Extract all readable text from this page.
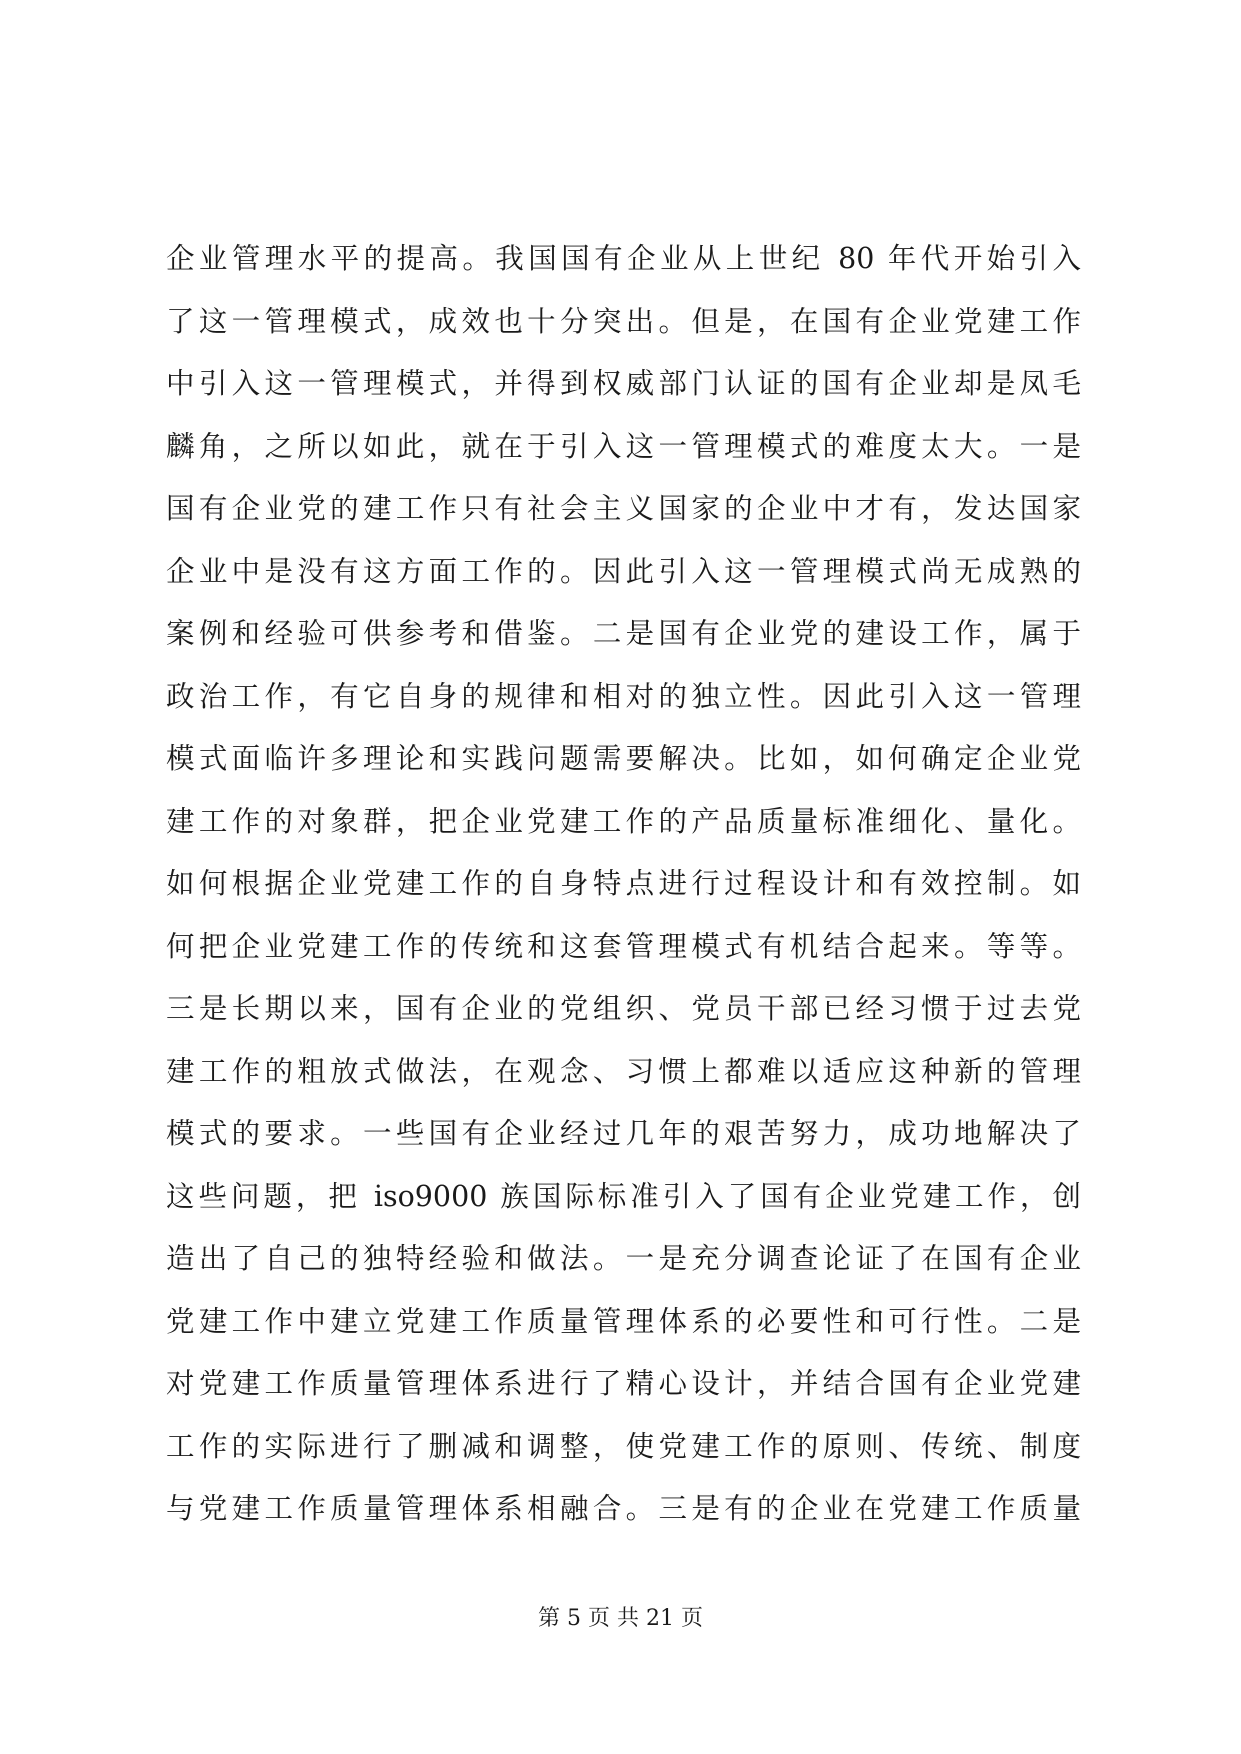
企业管理水平的提高。我国国有企业从上世纪 80 年代开始引入
了这一管理模式，成效也十分突出。但是，在国有企业党建工作
中引入这一管理模式，并得到权威部门认证的国有企业却是凤毛
麟角，之所以如此，就在于引入这一管理模式的难度太大。一是
国有企业党的建工作只有社会主义国家的企业中才有，发达国家
企业中是没有这方面工作的。因此引入这一管理模式尚无成熟的
案例和经验可供参考和借鉴。二是国有企业党的建设工作，属于
政治工作，有它自身的规律和相对的独立性。因此引入这一管理
模式面临许多理论和实践问题需要解决。比如，如何确定企业党
建工作的对象群，把企业党建工作的产品质量标准细化、量化。
如何根据企业党建工作的自身特点进行过程设计和有效控制。如
何把企业党建工作的传统和这套管理模式有机结合起来。等等。
三是长期以来，国有企业的党组织、党员干部已经习惯于过去党
建工作的粗放式做法，在观念、习惯上都难以适应这种新的管理
模式的要求。一些国有企业经过几年的艰苦努力，成功地解决了
这些问题，把 iso9000 族国际标准引入了国有企业党建工作，创
造出了自己的独特经验和做法。一是充分调查论证了在国有企业
党建工作中建立党建工作质量管理体系的必要性和可行性。二是
对党建工作质量管理体系进行了精心设计，并结合国有企业党建
工作的实际进行了删减和调整，使党建工作的原则、传统、制度
与党建工作质量管理体系相融合。三是有的企业在党建工作质量
第 5 页 共 21 页
